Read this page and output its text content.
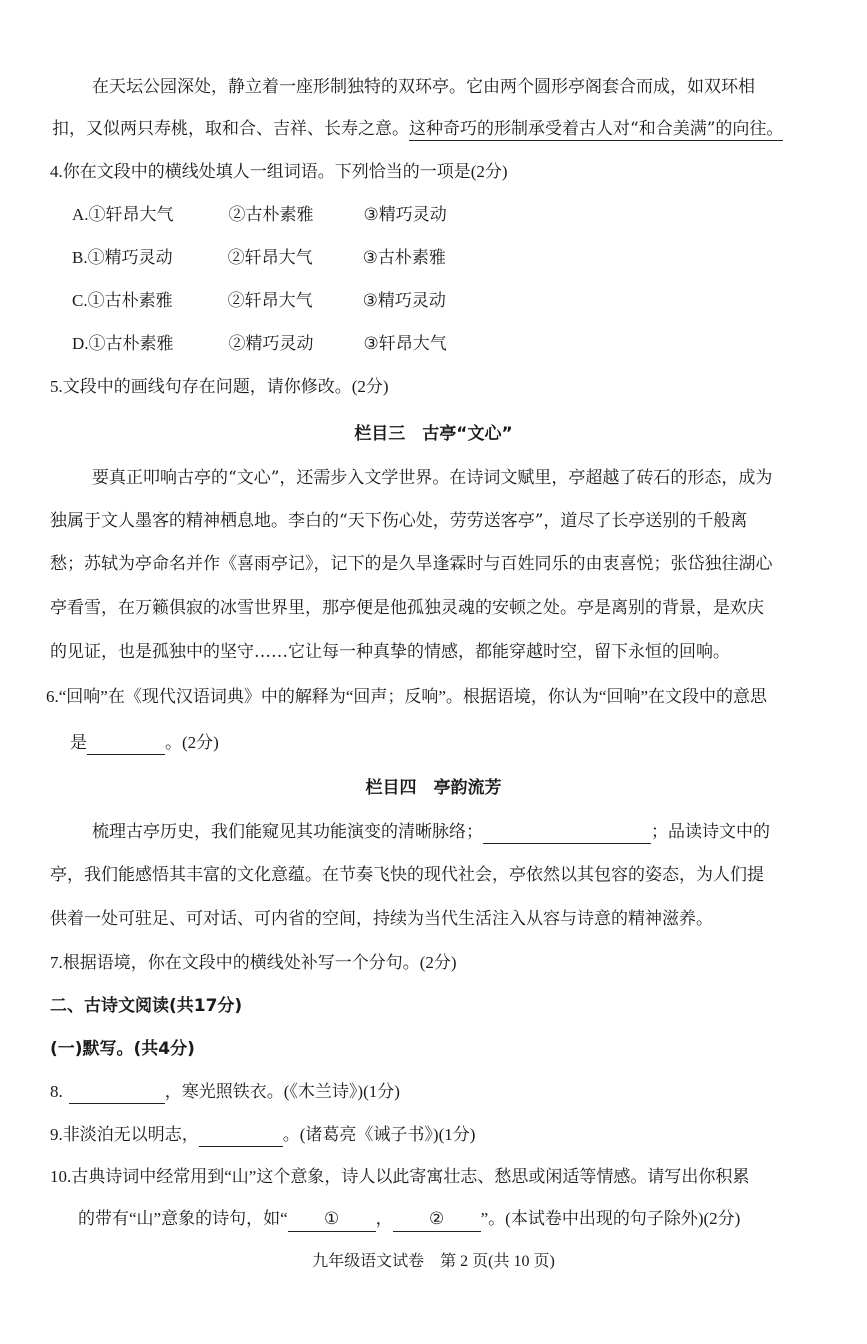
在天坛公园深处，静立着一座形制独特的双环亭。它由两个圆形亭阁套合而成，如双环相
扣，又似两只寿桃，取和合、吉祥、长寿之意。这种奇巧的形制承受着古人对“和合美满”的向往。
4.你在文段中的横线处填人一组词语。下列恰当的一项是(2分)
A.①轩昂大气	②古朴素雅	③精巧灵动
B.①精巧灵动	②轩昂大气	③古朴素雅
C.①古朴素雅	②轩昂大气	③精巧灵动
D.①古朴素雅	②精巧灵动	③轩昂大气
5.文段中的画线句存在问题，请你修改。(2分)
栏目三　古亭“文心”
要真正叩响古亭的“文心”，还需步入文学世界。在诗词文赋里，亭超越了砖石的形态，成为
独属于文人墨客的精神栖息地。李白的“天下伤心处，劳劳送客亭”，道尽了长亭送别的千般离
愁；苏轼为亭命名并作《喜雨亭记》，记下的是久旱逢霖时与百姓同乐的由衷喜悦；张岱独往湖心
亭看雪，在万籁俱寂的冰雪世界里，那亭便是他孤独灵魂的安顿之处。亭是离别的背景，是欢庆
的见证，也是孤独中的坚守……它让每一种真挚的情感，都能穿越时空，留下永恒的回响。
6.“回响”在《现代汉语词典》中的解释为“回声；反响”。根据语境，你认为“回响”在文段中的意思
是	。(2分)
栏目四　亭韵流芳
梳理古亭历史，我们能窥见其功能演变的清晰脉络；	；品读诗文中的
亭，我们能感悟其丰富的文化意蕴。在节奏飞快的现代社会，亭依然以其包容的姿态，为人们提
供着一处可驻足、可对话、可内省的空间，持续为当代生活注入从容与诗意的精神滋养。
7.根据语境，你在文段中的横线处补写一个分句。(2分)
二、古诗文阅读(共17分)
(一)默写。(共4分)
8.	，寒光照铁衣。(《木兰诗》)(1分)
9.非淡泊无以明志，	。(诸葛亮《诫子书》)(1分)
10.古典诗词中经常用到“山”这个意象，诗人以此寄寓壮志、愁思或闲适等情感。请写出你积累
的带有“山”意象的诗句，如“ ① ， ② ”。(本试卷中出现的句子除外)(2分)
九年级语文试卷　第 2 页(共 10 页)
